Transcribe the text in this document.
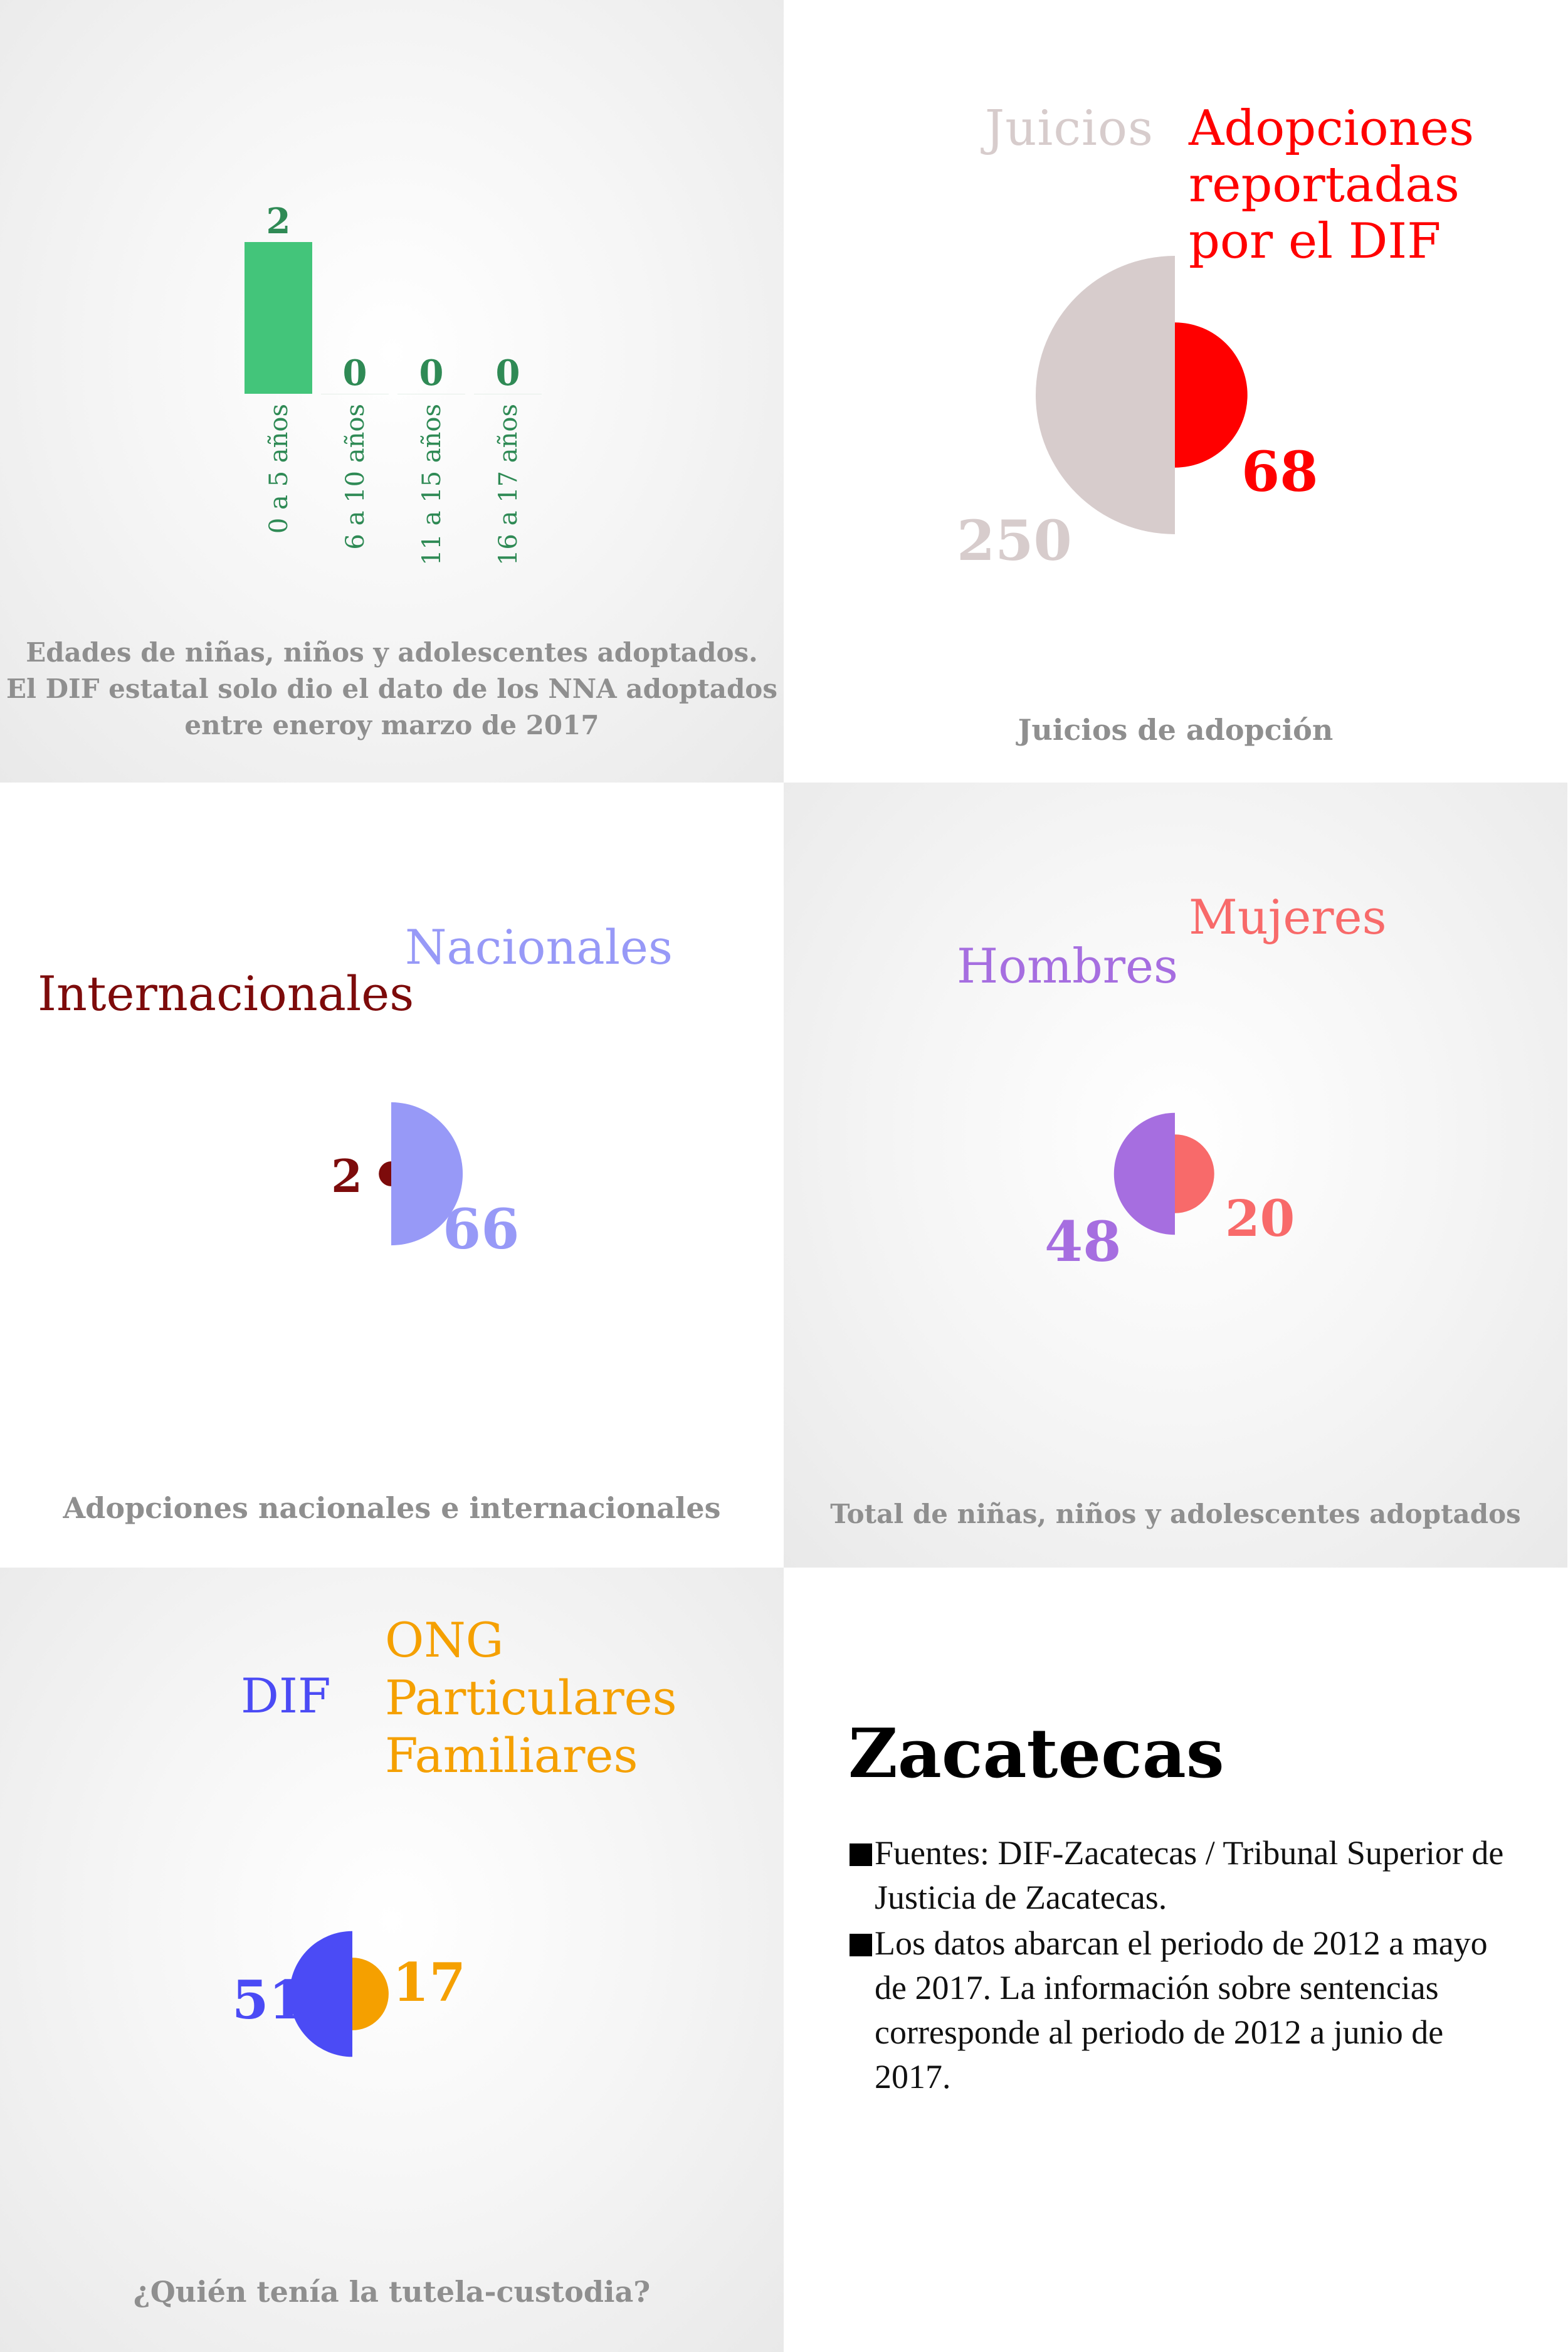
2
0 a 5 años
0
6 a 10 años
0
11 a 15 años
0
16 a 17 años
Edades de niñas, niños y adolescentes adoptados.
El DIF estatal solo dio el dato de los NNA adoptados
entre eneroy marzo de 2017
Juicios Adopciones
reportadas
por el DIF
250
68
Juicios de adopción
Internacionales
Nacionales
2
66
Adopciones nacionales e internacionales
Hombres
Mujeres
48 20
Total de niñas, niños y adolescentes adoptados
DIF
ONG
Particulares
Familiares
51 17
¿Quién tenía la tutela-custodia?
Zacatecas
Fuentes: DIF-Zacatecas / Tribunal Superior de Justicia de Zacatecas.
Los datos abarcan el periodo de 2012 a mayo de 2017. La información sobre sentencias corresponde al periodo de 2012 a junio de 2017.
